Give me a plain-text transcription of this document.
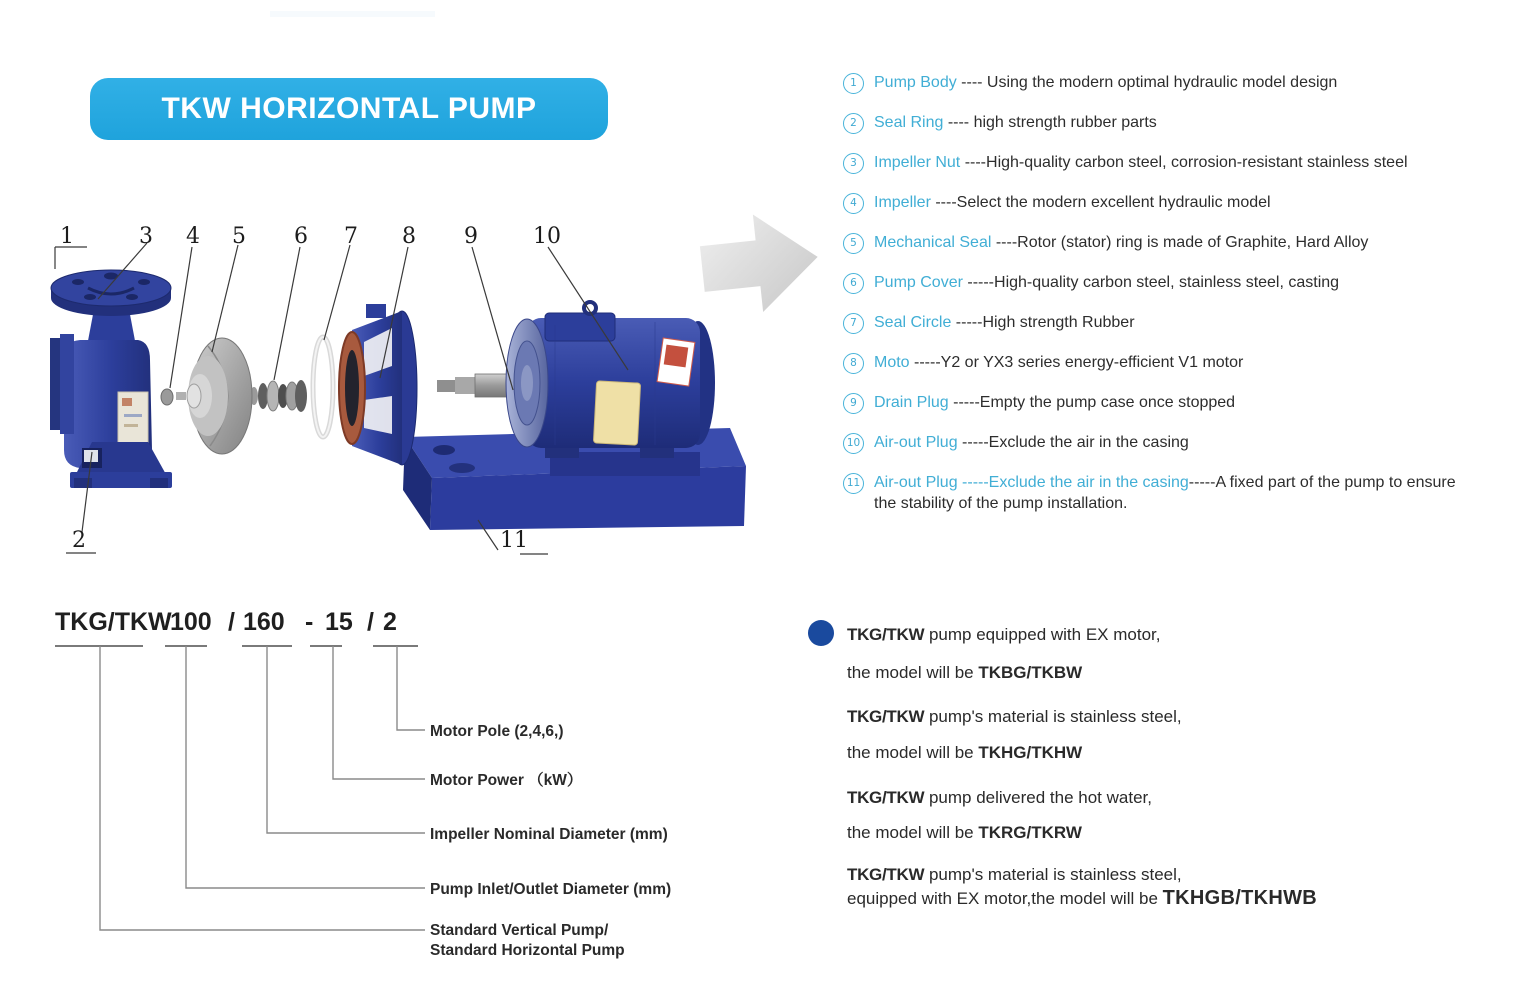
TKW HORIZONTAL PUMP
1	3 4 5 6 7 8 9	10
2	11
1	Pump Body ---- Using the modern optimal hydraulic model design
2	Seal Ring ---- high strength rubber parts
3	Impeller Nut ----High-quality carbon steel, corrosion-resistant stainless steel
4	Impeller ----Select the modern excellent hydraulic model
5	Mechanical Seal ----Rotor (stator) ring is made of Graphite, Hard Alloy
6	Pump Cover -----High-quality carbon steel, stainless steel, casting
7	Seal Circle -----High strength Rubber
8	Moto -----Y2 or YX3 series energy-efficient V1 motor
9	Drain Plug -----Empty the pump case once stopped
10 Air-out Plug -----Exclude the air in the casing
11 Air-out Plug -----Exclude the air in the casing-----A fixed part of the pump to ensure the stability of the pump installation.
TKG/TKW
100 / 160 - 15 / 2
Motor Pole (2,4,6,)
Motor Power （kW）
Impeller Nominal Diameter (mm)
Pump Inlet/Outlet Diameter (mm)
Standard Vertical Pump/
Standard Horizontal Pump
TKG/TKW pump equipped with EX motor,
the model will be TKBG/TKBW
TKG/TKW pump's material is stainless steel,
the model will be TKHG/TKHW
TKG/TKW pump delivered the hot water,
the model will be TKRG/TKRW
TKG/TKW pump's material is stainless steel,
equipped with EX motor,the model will be TKHGB/TKHWB
